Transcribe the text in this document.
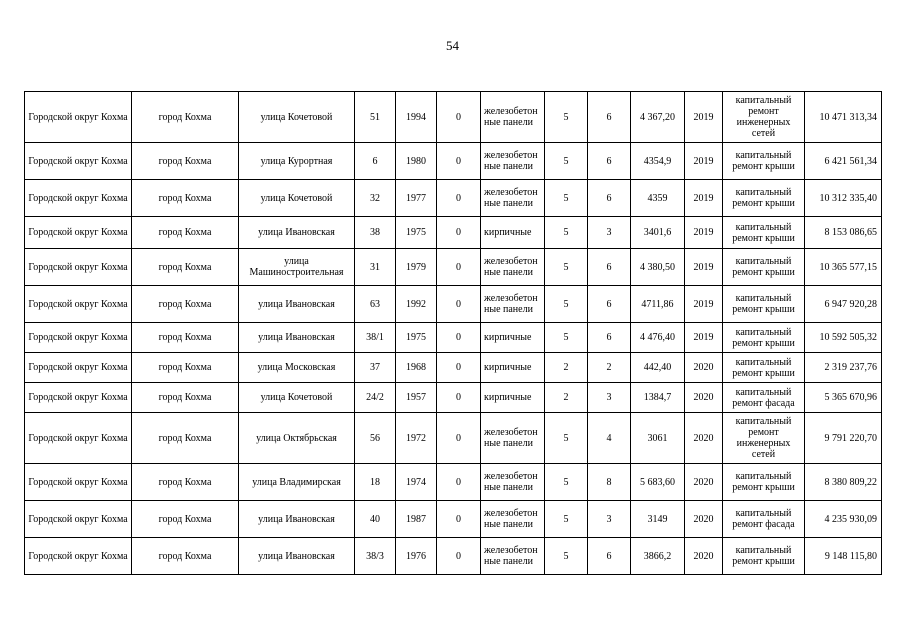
54
Городской округ Кохма	город Кохма	улица Кочетовой	51	1994	0	железобетонные панели	5	6	4 367,20	2019	капитальный ремонт инженерных сетей	10 471 313,34
Городской округ Кохма	город Кохма	улица Курортная	6	1980	0	железобетонные панели	5	6	4354,9	2019	капитальный ремонт крыши	6 421 561,34
Городской округ Кохма	город Кохма	улица Кочетовой	32	1977	0	железобетонные панели	5	6	4359	2019	капитальный ремонт крыши	10 312 335,40
Городской округ Кохма	город Кохма	улица Ивановская	38	1975	0	кирпичные	5	3	3401,6	2019	капитальный ремонт крыши	8 153 086,65
Городской округ Кохма	город Кохма	улица Машиностроительная	31	1979	0	железобетонные панели	5	6	4 380,50	2019	капитальный ремонт крыши	10 365 577,15
Городской округ Кохма	город Кохма	улица Ивановская	63	1992	0	железобетонные панели	5	6	4711,86	2019	капитальный ремонт крыши	6 947 920,28
Городской округ Кохма	город Кохма	улица Ивановская	38/1	1975	0	кирпичные	5	6	4 476,40	2019	капитальный ремонт крыши	10 592 505,32
Городской округ Кохма	город Кохма	улица Московская	37	1968	0	кирпичные	2	2	442,40	2020	капитальный ремонт крыши	2 319 237,76
Городской округ Кохма	город Кохма	улица Кочетовой	24/2	1957	0	кирпичные	2	3	1384,7	2020	капитальный ремонт фасада	5 365 670,96
Городской округ Кохма	город Кохма	улица Октябрьская	56	1972	0	железобетонные панели	5	4	3061	2020	капитальный ремонт инженерных сетей	9 791 220,70
Городской округ Кохма	город Кохма	улица Владимирская	18	1974	0	железобетонные панели	5	8	5 683,60	2020	капитальный ремонт крыши	8 380 809,22
Городской округ Кохма	город Кохма	улица Ивановская	40	1987	0	железобетонные панели	5	3	3149	2020	капитальный ремонт фасада	4 235 930,09
Городской округ Кохма	город Кохма	улица Ивановская	38/3	1976	0	железобетонные панели	5	6	3866,2	2020	капитальный ремонт крыши	9 148 115,80
